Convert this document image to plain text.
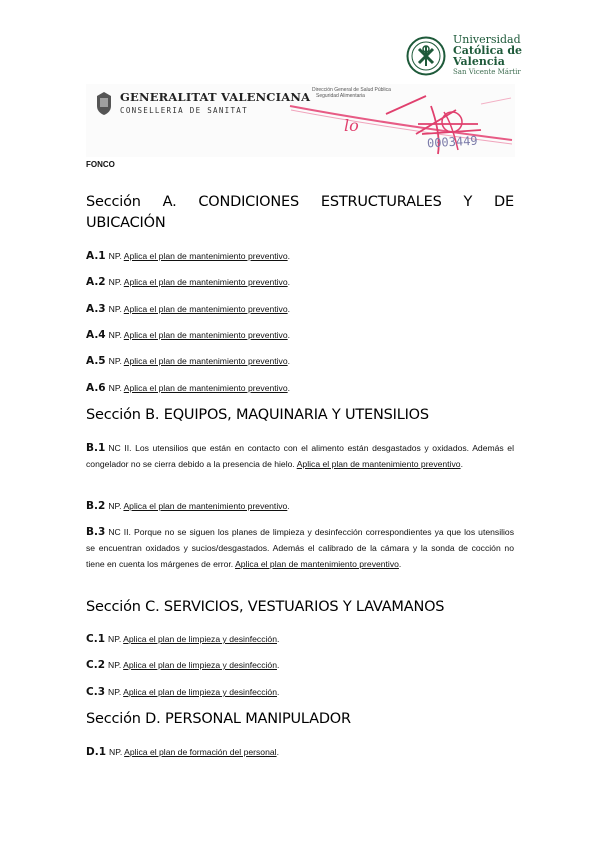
Universidad
Católica de
Valencia
San Vicente Mártir
GENERALITAT VALENCIANA
CONSELLERIA DE SANITAT
Dirección General de Salud Pública
Seguridad Alimentaria
lo
0003449
FONCO
Sección A. CONDICIONES ESTRUCTURALES Y DE
UBICACIÓN
A.1 NP. Aplica el plan de mantenimiento preventivo.
A.2 NP. Aplica el plan de mantenimiento preventivo.
A.3 NP. Aplica el plan de mantenimiento preventivo.
A.4 NP. Aplica el plan de mantenimiento preventivo.
A.5 NP. Aplica el plan de mantenimiento preventivo.
A.6 NP. Aplica el plan de mantenimiento preventivo.
Sección B. EQUIPOS, MAQUINARIA Y UTENSILIOS
B.1 NC II. Los utensilios que están en contacto con el alimento están desgastados y oxidados. Además el congelador no se cierra debido a la presencia de hielo. Aplica el plan de mantenimiento preventivo.
B.2 NP. Aplica el plan de mantenimiento preventivo.
B.3 NC II. Porque no se siguen los planes de limpieza y desinfección correspondientes ya que los utensilios se encuentran oxidados y sucios/desgastados. Además el calibrado de la cámara y la sonda de cocción no tiene en cuenta los márgenes de error. Aplica el plan de mantenimiento preventivo.
Sección C. SERVICIOS, VESTUARIOS Y LAVAMANOS
C.1 NP. Aplica el plan de limpieza y desinfección.
C.2 NP. Aplica el plan de limpieza y desinfección.
C.3 NP. Aplica el plan de limpieza y desinfección.
Sección D. PERSONAL MANIPULADOR
D.1 NP. Aplica el plan de formación del personal.
